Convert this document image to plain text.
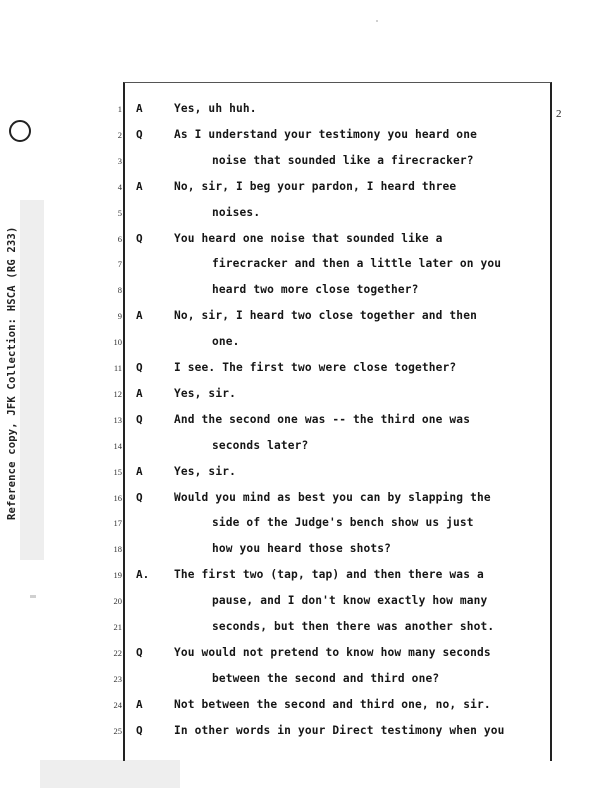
2
Reference copy, JFK Collection: HSCA (RG 233)
1 A	Yes, uh huh.
2 Q	As I understand your testimony you heard one
3	noise that sounded like a firecracker?
4 A	No, sir, I beg your pardon, I heard three
5	noises.
6 Q	You heard one noise that sounded like a
7	firecracker and then a little later on you
8	heard two more close together?
9 A	No, sir, I heard two close together and then
10	one.
11 Q	I see. The first two were close together?
12 A	Yes, sir.
13 Q	And the second one was -- the third one was
14	seconds later?
15 A	Yes, sir.
16 Q	Would you mind as best you can by slapping the
17	side of the Judge's bench show us just
18	how you heard those shots?
19 A. The first two (tap, tap) and then there was a
20	pause, and I don't know exactly how many
21	seconds, but then there was another shot.
22 Q	You would not pretend to know how many seconds
23	between the second and third one?
24 A	Not between the second and third one, no, sir.
25 Q	In other words in your Direct testimony when you
